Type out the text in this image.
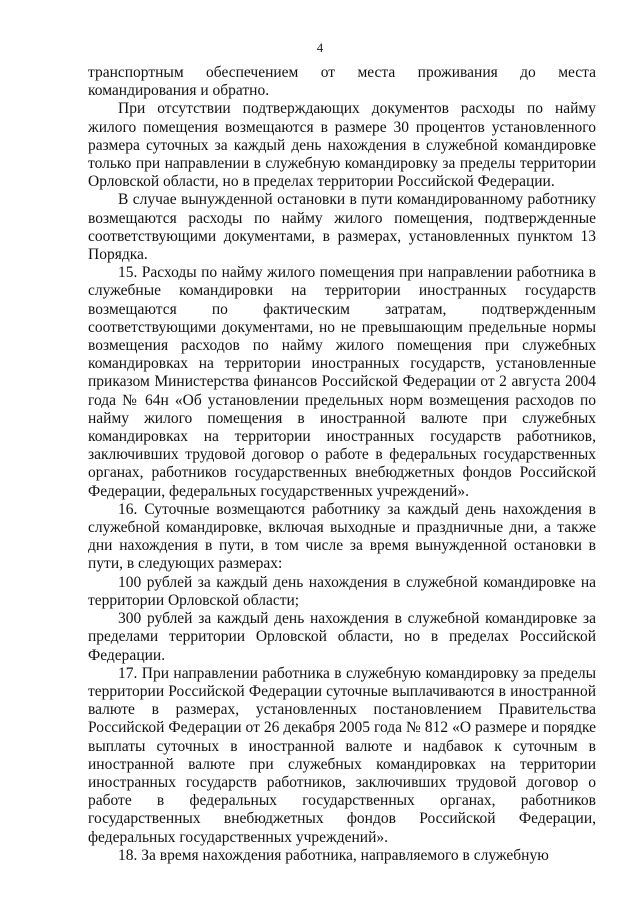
4

транспортным обеспечением от места проживания до места командирования и обратно.

При отсутствии подтверждающих документов расходы по найму жилого помещения возмещаются в размере 30 процентов установленного размера суточных за каждый день нахождения в служебной командировке только при направлении в служебную командировку за пределы территории Орловской области, но в пределах территории Российской Федерации.

В случае вынужденной остановки в пути командированному работнику возмещаются расходы по найму жилого помещения, подтвержденные соответствующими документами, в размерах, установленных пунктом 13 Порядка.

15. Расходы по найму жилого помещения при направлении работника в служебные командировки на территории иностранных государств возмещаются по фактическим затратам, подтвержденным соответствующими документами, но не превышающим предельные нормы возмещения расходов по найму жилого помещения при служебных командировках на территории иностранных государств, установленные приказом Министерства финансов Российской Федерации от 2 августа 2004 года № 64н «Об установлении предельных норм возмещения расходов по найму жилого помещения в иностранной валюте при служебных командировках на территории иностранных государств работников, заключивших трудовой договор о работе в федеральных государственных органах, работников государственных внебюджетных фондов Российской Федерации, федеральных государственных учреждений».

16. Суточные возмещаются работнику за каждый день нахождения в служебной командировке, включая выходные и праздничные дни, а также дни нахождения в пути, в том числе за время вынужденной остановки в пути, в следующих размерах:

100 рублей за каждый день нахождения в служебной командировке на территории Орловской области;

300 рублей за каждый день нахождения в служебной командировке за пределами территории Орловской области, но в пределах Российской Федерации.

17. При направлении работника в служебную командировку за пределы территории Российской Федерации суточные выплачиваются в иностранной валюте в размерах, установленных постановлением Правительства Российской Федерации от 26 декабря 2005 года № 812 «О размере и порядке выплаты суточных в иностранной валюте и надбавок к суточным в иностранной валюте при служебных командировках на территории иностранных государств работников, заключивших трудовой договор о работе в федеральных государственных органах, работников государственных внебюджетных фондов Российской Федерации, федеральных государственных учреждений».

18. За время нахождения работника, направляемого в служебную
